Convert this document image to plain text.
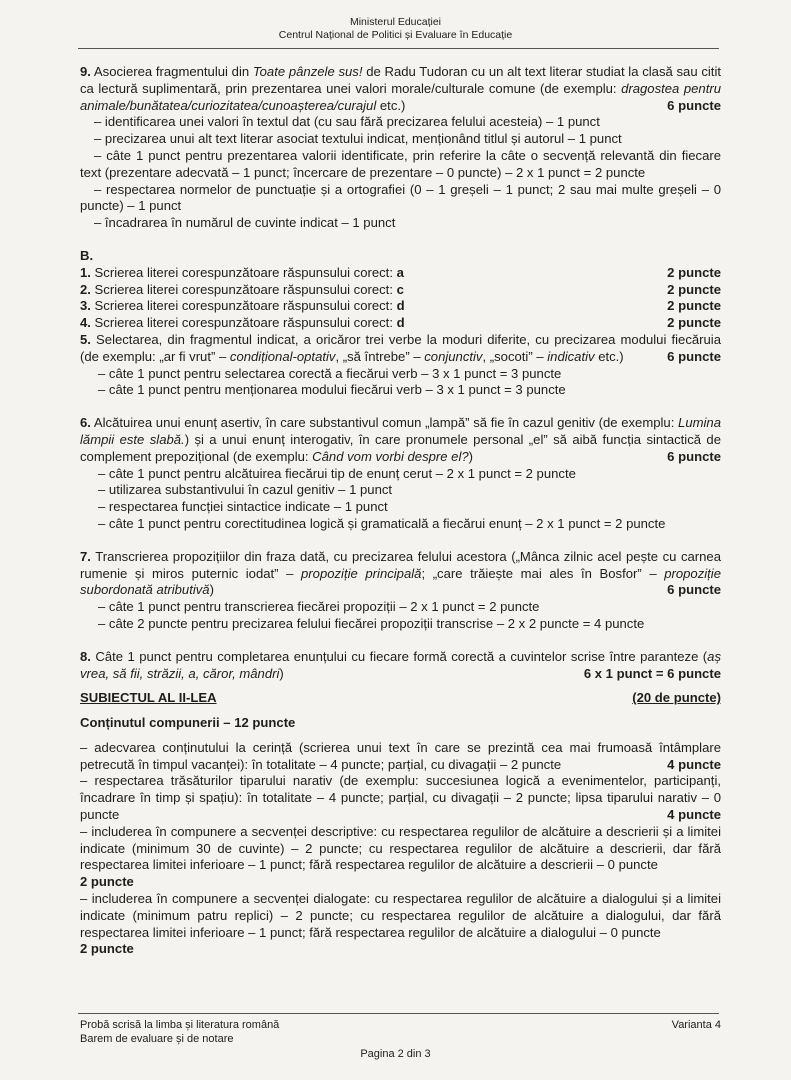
Ministerul Educației
Centrul Național de Politici și Evaluare în Educație

9. Asocierea fragmentului din Toate pânzele sus! de Radu Tudoran cu un alt text literar studiat la clasă sau citit ca lectură suplimentară, prin prezentarea unei valori morale/culturale comune (de exemplu: dragostea pentru animale/bunătatea/curiozitatea/cunoașterea/curajul etc.)	6 puncte

– identificarea unei valori în textul dat (cu sau fără precizarea felului acesteia) – 1 punct

– precizarea unui alt text literar asociat textului indicat, menționând titlul și autorul – 1 punct

– câte 1 punct pentru prezentarea valorii identificate, prin referire la câte o secvență relevantă din fiecare text (prezentare adecvată – 1 punct; încercare de prezentare – 0 puncte) – 2 x 1 punct = 2 puncte

– respectarea normelor de punctuație și a ortografiei (0 – 1 greșeli – 1 punct; 2 sau mai multe greșeli – 0 puncte) – 1 punct

– încadrarea în numărul de cuvinte indicat – 1 punct

B.

1. Scrierea literei corespunzătoare răspunsului corect: a	2 puncte
2. Scrierea literei corespunzătoare răspunsului corect: c	2 puncte
3. Scrierea literei corespunzătoare răspunsului corect: d	2 puncte
4. Scrierea literei corespunzătoare răspunsului corect: d	2 puncte

5. Selectarea, din fragmentul indicat, a oricăror trei verbe la moduri diferite, cu precizarea modului fiecăruia (de exemplu: „ar fi vrut” – condițional-optativ, „să întrebe” – conjunctiv, „socoti” – indicativ etc.)	6 puncte

– câte 1 punct pentru selectarea corectă a fiecărui verb – 3 x 1 punct = 3 puncte

– câte 1 punct pentru menționarea modului fiecărui verb – 3 x 1 punct = 3 puncte

6. Alcătuirea unui enunț asertiv, în care substantivul comun „lampă” să fie în cazul genitiv (de exemplu: Lumina lămpii este slabă.) și a unui enunț interogativ, în care pronumele personal „el” să aibă funcția sintactică de complement prepozițional (de exemplu: Când vom vorbi despre el?)	6 puncte

– câte 1 punct pentru alcătuirea fiecărui tip de enunț cerut – 2 x 1 punct = 2 puncte

– utilizarea substantivului în cazul genitiv – 1 punct

– respectarea funcției sintactice indicate – 1 punct

– câte 1 punct pentru corectitudinea logică și gramaticală a fiecărui enunț – 2 x 1 punct = 2 puncte

7. Transcrierea propozițiilor din fraza dată, cu precizarea felului acestora („Mânca zilnic acel pește cu carnea rumenie și miros puternic iodat” – propoziție principală; „care trăiește mai ales în Bosfor” – propoziție subordonată atributivă)	6 puncte

– câte 1 punct pentru transcrierea fiecărei propoziții – 2 x 1 punct = 2 puncte

– câte 2 puncte pentru precizarea felului fiecărei propoziții transcrise – 2 x 2 puncte = 4 puncte

8. Câte 1 punct pentru completarea enunțului cu fiecare formă corectă a cuvintelor scrise între paranteze (aș vrea, să fii, străzii, a, căror, mândri)	6 x 1 punct = 6 puncte

SUBIECTUL AL II-LEA	(20 de puncte)

Conținutul compunerii – 12 puncte

– adecvarea conținutului la cerință (scrierea unui text în care se prezintă cea mai frumoasă întâmplare petrecută în timpul vacanței): în totalitate – 4 puncte; parțial, cu divagații – 2 puncte	4 puncte

– respectarea trăsăturilor tiparului narativ (de exemplu: succesiunea logică a evenimentelor, participanți, încadrare în timp și spațiu): în totalitate – 4 puncte; parțial, cu divagații – 2 puncte; lipsa tiparului narativ – 0 puncte	4 puncte

– includerea în compunere a secvenței descriptive: cu respectarea regulilor de alcătuire a descrierii și a limitei indicate (minimum 30 de cuvinte) – 2 puncte; cu respectarea regulilor de alcătuire a descrierii, dar fără respectarea limitei inferioare – 1 punct; fără respectarea regulilor de alcătuire a descrierii – 0 puncte

2 puncte

– includerea în compunere a secvenței dialogate: cu respectarea regulilor de alcătuire a dialogului și a limitei indicate (minimum patru replici) – 2 puncte; cu respectarea regulilor de alcătuire a dialogului, dar fără respectarea limitei inferioare – 1 punct; fără respectarea regulilor de alcătuire a dialogului – 0 puncte

2 puncte

Probă scrisă la limba și literatura română	Varianta 4
Barem de evaluare și de notare
Pagina 2 din 3
